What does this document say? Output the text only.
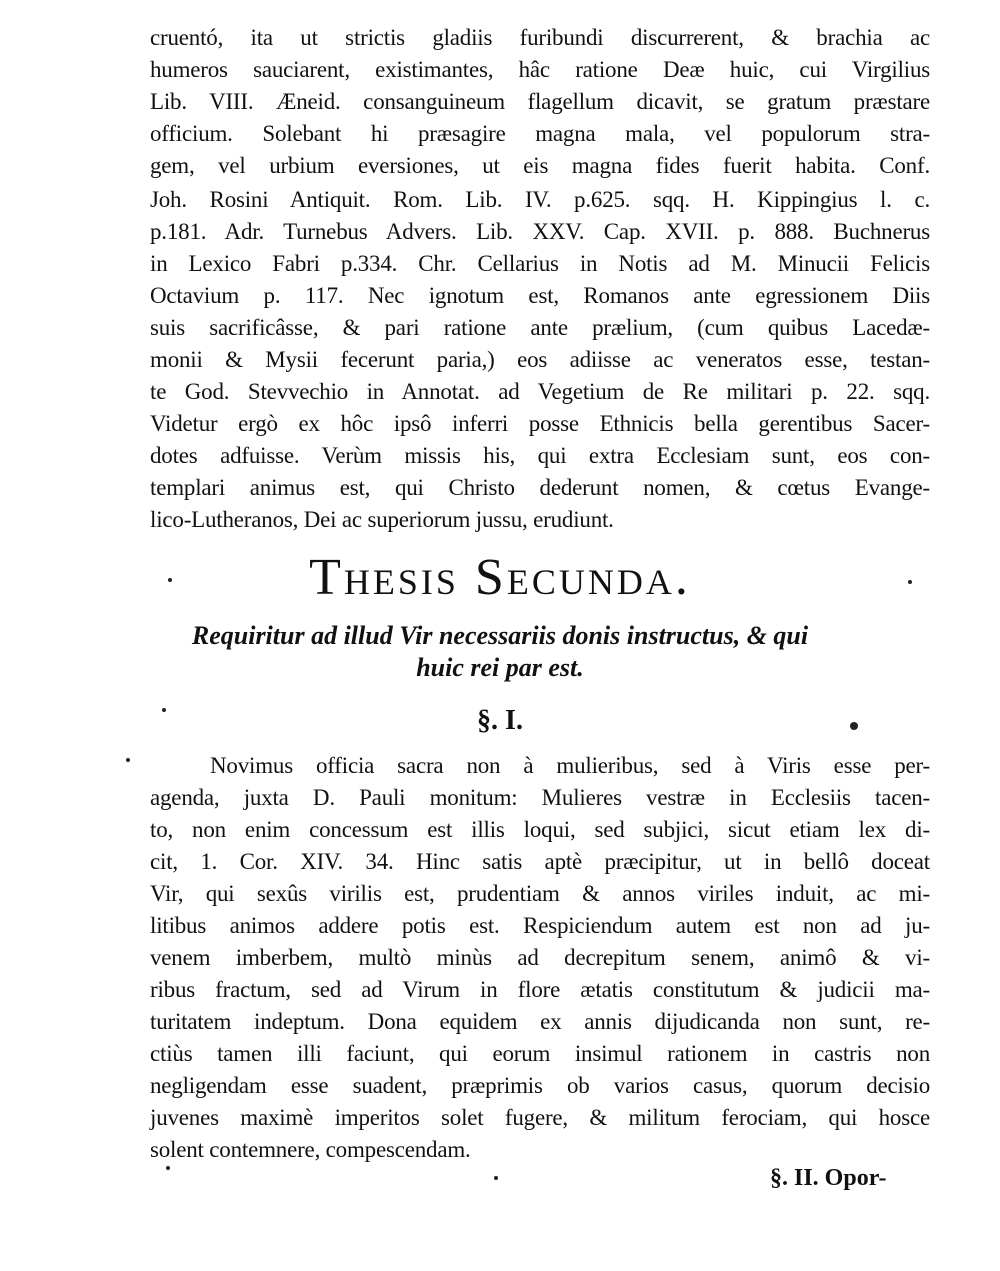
cruentó, ita ut strictis gladiis furibundi discurrerent, & brachia ac
humeros sauciarent, existimantes, hâc ratione Deæ huic, cui Virgilius
Lib. VIII. Æneid. consanguineum flagellum dicavit, se gratum præstare
officium. Solebant hi præsagire magna mala, vel populorum stra-
gem, vel urbium eversiones, ut eis magna fides fuerit habita. Conf.
Joh. Rosini Antiquit. Rom. Lib. IV. p.625. sqq. H. Kippingius l. c.
p.181. Adr. Turnebus Advers. Lib. XXV. Cap. XVII. p. 888. Buchnerus
in Lexico Fabri p.334. Chr. Cellarius in Notis ad M. Minucii Felicis
Octavium p. 117. Nec ignotum est, Romanos ante egressionem Diis
suis sacrificâsse, & pari ratione ante prælium, (cum quibus Lacedæ-
monii & Mysii fecerunt paria,) eos adiisse ac veneratos esse, testan-
te God. Stevvechio in Annotat. ad Vegetium de Re militari p. 22. sqq.
Videtur ergò ex hôc ipsô inferri posse Ethnicis bella gerentibus Sacer-
dotes adfuisse. Verùm missis his, qui extra Ecclesiam sunt, eos con-
templari animus est, qui Christo dederunt nomen, & cœtus Evange-
lico-Lutheranos, Dei ac superiorum jussu, erudiunt.
Thesis Secunda.
Requiritur ad illud Vir necessariis donis instructus, & qui
huic rei par est.
§. I.
Novimus officia sacra non à mulieribus, sed à Viris esse per-
agenda, juxta D. Pauli monitum: Mulieres vestræ in Ecclesiis tacen-
to, non enim concessum est illis loqui, sed subjici, sicut etiam lex di-
cit, 1. Cor. XIV. 34. Hinc satis aptè præcipitur, ut in bellô doceat
Vir, qui sexûs virilis est, prudentiam & annos viriles induit, ac mi-
litibus animos addere potis est. Respiciendum autem est non ad ju-
venem imberbem, multò minùs ad decrepitum senem, animô & vi-
ribus fractum, sed ad Virum in flore ætatis constitutum & judicii ma-
turitatem indeptum. Dona equidem ex annis dijudicanda non sunt, re-
ctiùs tamen illi faciunt, qui eorum insimul rationem in castris non
negligendam esse suadent, præprimis ob varios casus, quorum decisio
juvenes maximè imperitos solet fugere, & militum ferociam, qui hosce
solent contemnere, compescendam.
§. II. Opor-
